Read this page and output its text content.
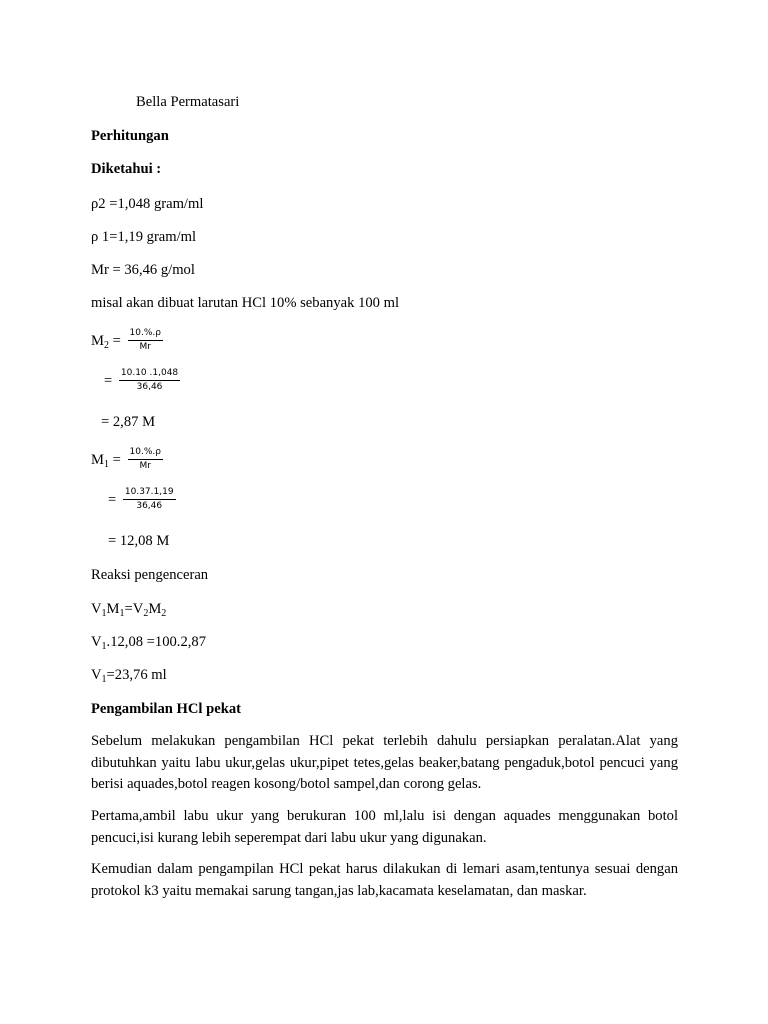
Bella Permatasari
Perhitungan
Diketahui :
ρ2 =1,048 gram/ml
ρ 1=1,19 gram/ml
Mr = 36,46 g/mol
misal akan dibuat larutan HCl 10% sebanyak 100 ml
$M_2 = \frac{10.\%.\rho}{Mr}$
= $\frac{10.10 .1,048}{36,46}$
= 2,87 M
$M_1 = \frac{10.\%.\rho}{Mr}$
= $\frac{10.37.1,19}{36,46}$
= 12,08 M
Reaksi pengenceran
$V_1M_1=V_2M_2$
$V_1.12,08 =100.2,87$
$V_1=23,76$ ml
Pengambilan HCl pekat
Sebelum melakukan pengambilan HCl pekat terlebih dahulu persiapkan peralatan.Alat yang dibutuhkan yaitu labu ukur,gelas ukur,pipet tetes,gelas beaker,batang pengaduk,botol pencuci yang berisi aquades,botol reagen kosong/botol sampel,dan corong gelas.
Pertama,ambil labu ukur yang berukuran 100 ml,lalu isi dengan aquades menggunakan botol pencuci,isi kurang lebih seperempat dari labu ukur yang digunakan.
Kemudian dalam pengampilan HCl pekat harus dilakukan di lemari asam,tentunya sesuai dengan protokol k3 yaitu memakai sarung tangan,jas lab,kacamata keselamatan, dan maskar.
